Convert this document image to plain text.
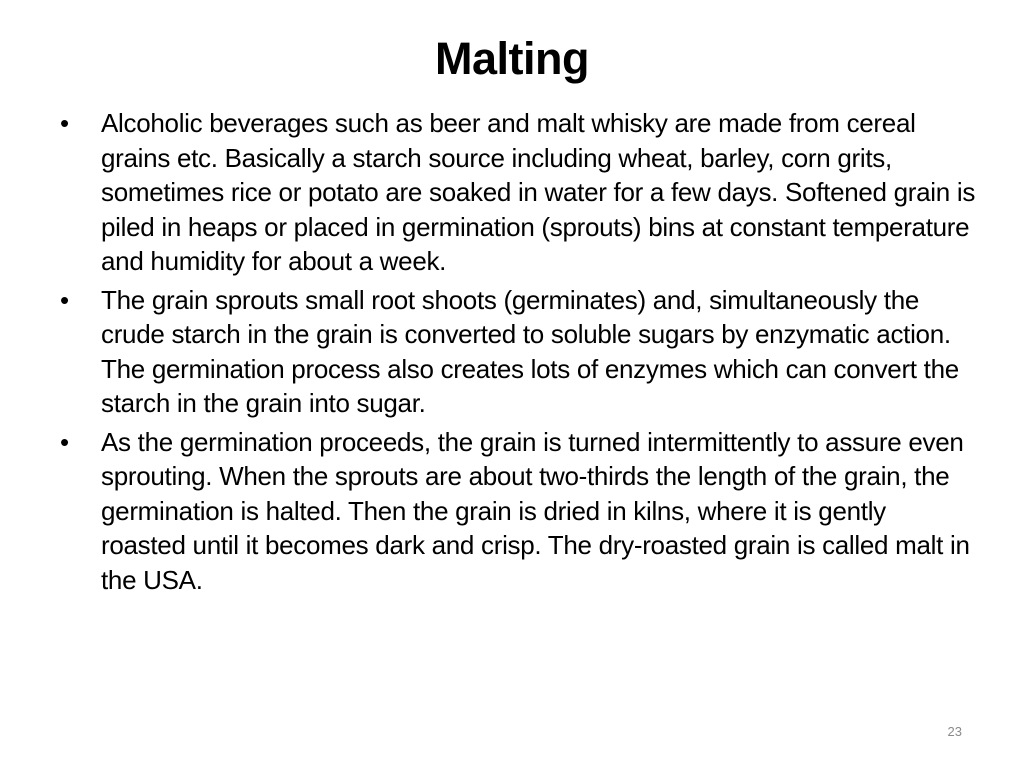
Malting
• Alcoholic beverages such as beer and malt whisky are made from cereal grains etc. Basically a starch source including wheat, barley, corn grits, sometimes rice or potato are soaked in water for a few days. Softened grain is piled in heaps or placed in germination (sprouts) bins at constant temperature and humidity for about a week.
• The grain sprouts small root shoots (germinates) and, simultaneously the crude starch in the grain is converted to soluble sugars by enzymatic action. The germination process also creates lots of enzymes which can convert the starch in the grain into sugar.
• As the germination proceeds, the grain is turned intermittently to assure even sprouting. When the sprouts are about two-thirds the length of the grain, the germination is halted. Then the grain is dried in kilns, where it is gently roasted until it becomes dark and crisp. The dry-roasted grain is called malt in the USA.
23
